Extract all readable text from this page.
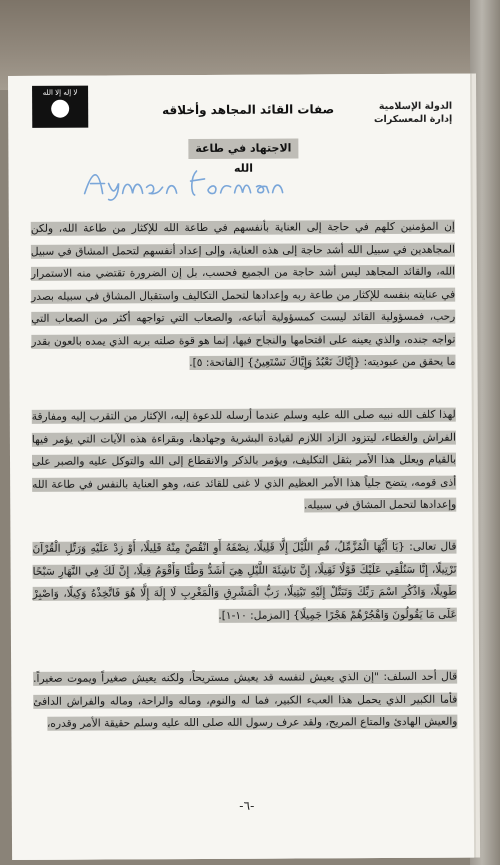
لا إله إلا الله
صفات القائد المجاهد وأخلاقه	الدولة الإسلامية
إدارة المعسكرات
الاجتهاد في طاعة الله
Aymen Fornan
إن المؤمنين كلهم في حاجة إلى العناية بأنفسهم في طاعة الله للإكثار من طاعة الله، ولكن المجاهدين في سبيل الله أشد حاجة إلى هذه العناية، وإلى إعداد أنفسهم لتحمل المشاق في سبيل الله، والقائد المجاهد ليس أشد حاجة من الجميع فحسب، بل إن الضرورة تقتضي منه الاستمرار في عنايته بنفسه للإكثار من طاعة ربه وإعدادها لتحمل التكاليف واستقبال المشاق في سبيله بصدر رحب، فمسؤولية القائد ليست كمسؤولية أتباعه، والصعاب التي تواجهه أكثر من الصعاب التي تواجه جنده، والذي يعينه على اقتحامها والنجاح فيها، إنما هو قوة صلته بربه الذي يمده بالعون بقدر ما يحقق من عبوديته: {إِيَّاكَ نَعْبُدُ وَإِيَّاكَ نَسْتَعِينُ} [الفاتحة: ٥].
لهذا كلف الله نبيه صلى الله عليه وسلم عندما أرسله للدعوة إليه، الإكثار من التقرب إليه ومفارقة الفراش والغطاء، ليتزود الزاد اللازم لقيادة البشرية وجهادها، وبقراءة هذه الآيات التي يؤمر فيها بالقيام ويعلل هذا الأمر بثقل التكليف، ويؤمر بالذكر والانقطاع إلى الله والتوكل عليه والصبر على أذى قومه، يتضح جلياً هذا الأمر العظيم الذي لا غنى للقائد عنه، وهو العناية بالنفس في طاعة الله وإعدادها لتحمل المشاق في سبيله.
قال تعالى: {يَا أَيُّهَا الْمُزَّمِّلُ، قُمِ اللَّيْلَ إِلَّا قَلِيلًا، نِصْفَهُ أَوِ انْقُصْ مِنْهُ قَلِيلًا، أَوْ زِدْ عَلَيْهِ وَرَتِّلِ الْقُرْآنَ تَرْتِيلًا، إِنَّا سَنُلْقِي عَلَيْكَ قَوْلًا ثَقِيلًا، إِنَّ نَاشِئَةَ اللَّيْلِ هِيَ أَشَدُّ وَطْئًا وَأَقْوَمُ قِيلًا، إِنَّ لَكَ فِي النَّهَارِ سَبْحًا طَوِيلًا، وَاذْكُرِ اسْمَ رَبِّكَ وَتَبَتَّلْ إِلَيْهِ تَبْتِيلًا، رَبُّ الْمَشْرِقِ وَالْمَغْرِبِ لَا إِلَهَ إِلَّا هُوَ فَاتَّخِذْهُ وَكِيلًا، وَاصْبِرْ عَلَى مَا يَقُولُونَ وَاهْجُرْهُمْ هَجْرًا جَمِيلًا} [المزمل: ١٠-١].
قال أحد السلف: "إن الذي يعيش لنفسه قد يعيش مستريحاً، ولكنه يعيش صغيراً ويموت صغيراً. فأما الكبير الذي يحمل هذا العبء الكبير، فما له والنوم، وماله والراحة، وماله والفراش الدافئ والعيش الهادئ والمتاع المريح، ولقد عرف رسول الله صلى الله عليه وسلم حقيقة الأمر وقدره،
-٦-
